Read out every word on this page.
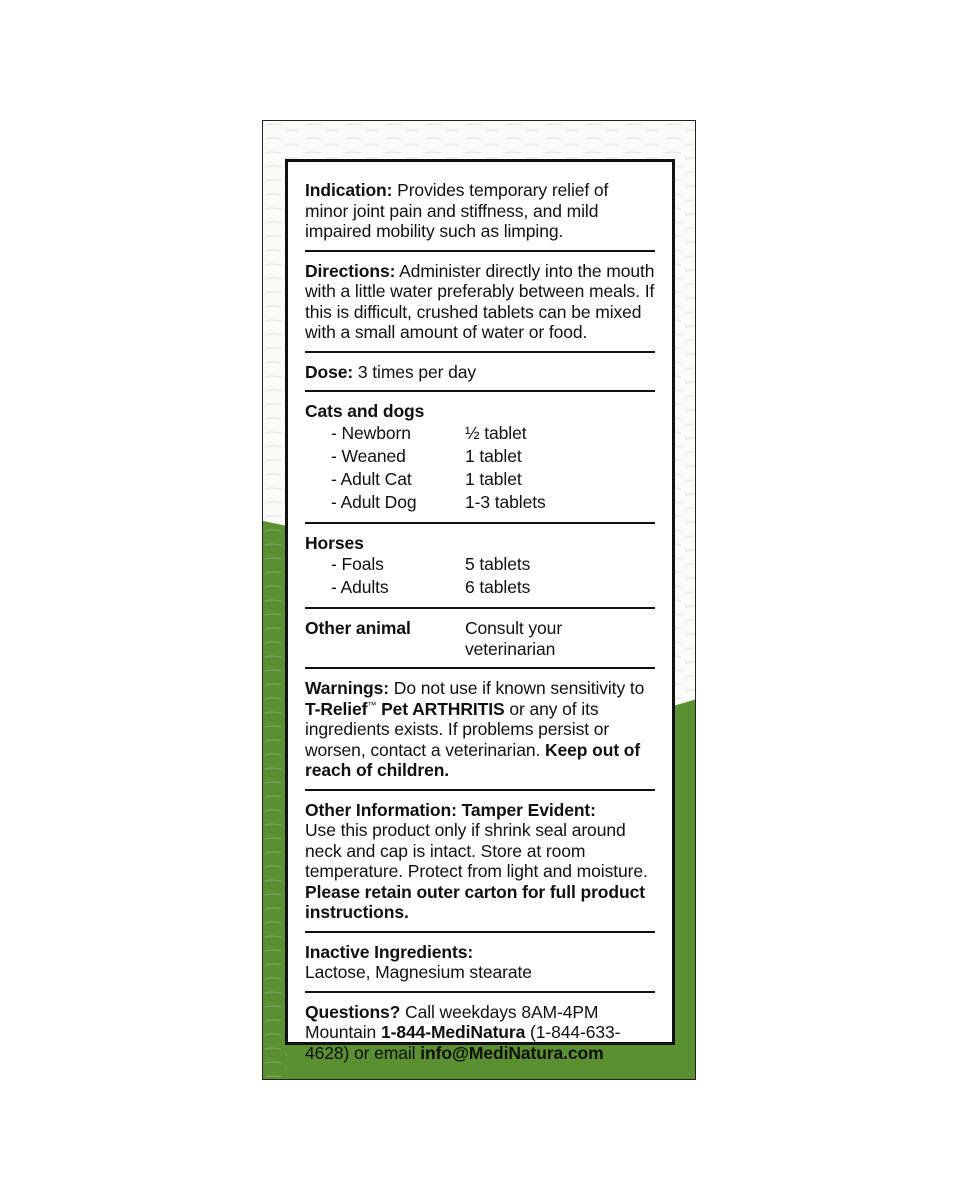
Indication: Provides temporary relief of minor joint pain and stiffness, and mild impaired mobility such as limping.
Directions: Administer directly into the mouth with a little water preferably between meals. If this is difficult, crushed tablets can be mixed with a small amount of water or food.
Dose: 3 times per day
Cats and dogs
- Newborn	½ tablet
- Weaned	1 tablet
- Adult Cat	1 tablet
- Adult Dog	1-3 tablets
Horses
- Foals	5 tablets
- Adults	6 tablets
Other animal	Consult your veterinarian
Warnings: Do not use if known sensitivity to T-Relief™ Pet ARTHRITIS or any of its ingredients exists. If problems persist or worsen, contact a veterinarian. Keep out of reach of children.
Other Information: Tamper Evident:
Use this product only if shrink seal around neck and cap is intact. Store at room temperature. Protect from light and moisture. Please retain outer carton for full product instructions.
Inactive Ingredients:
Lactose, Magnesium stearate
Questions? Call weekdays 8AM-4PM Mountain 1-844-MediNatura (1-844-633-4628) or email info@MediNatura.com
